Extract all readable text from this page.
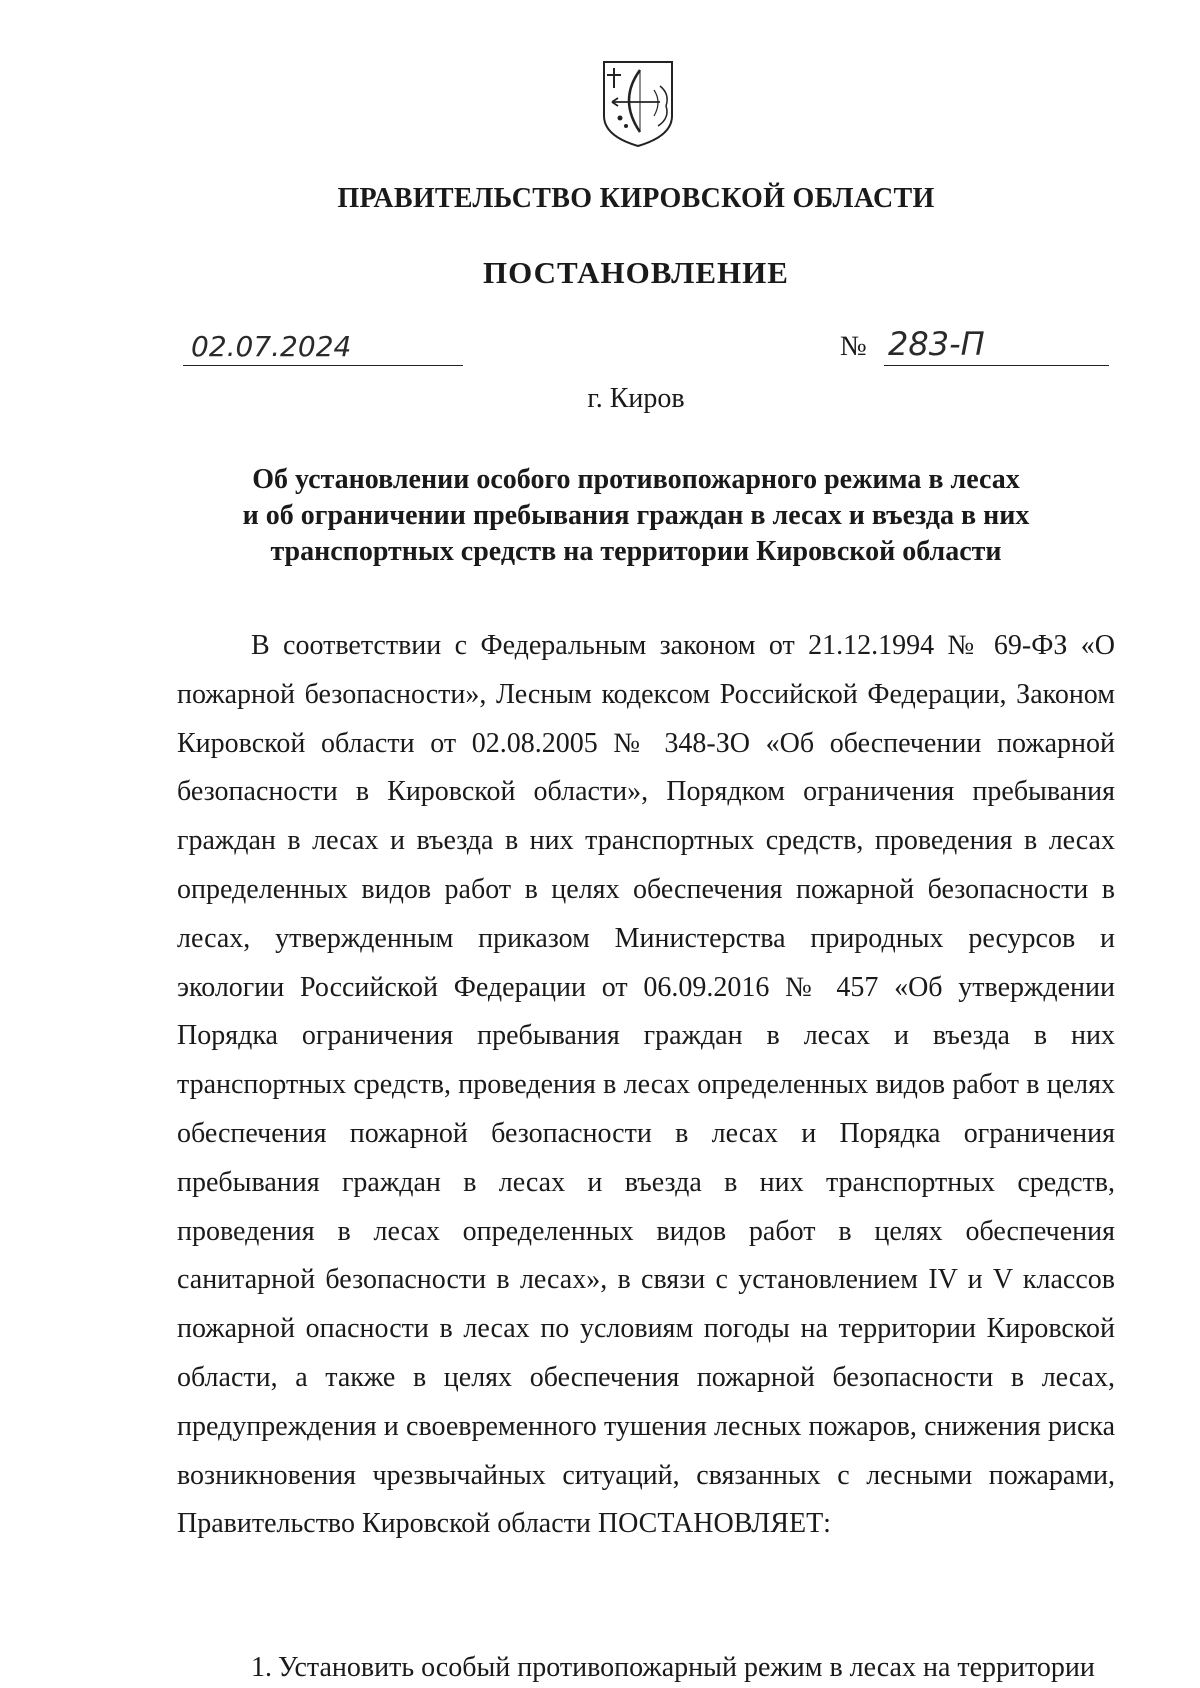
ПРАВИТЕЛЬСТВО КИРОВСКОЙ ОБЛАСТИ
ПОСТАНОВЛЕНИЕ
02.07.2024	№ 283-П
г. Киров
Об установлении особого противопожарного режима в лесах
и об ограничении пребывания граждан в лесах и въезда в них
транспортных средств на территории Кировской области
В соответствии с Федеральным законом от 21.12.1994 № 69-ФЗ «О пожарной безопасности», Лесным кодексом Российской Федерации, Законом Кировской области от 02.08.2005 № 348-ЗО «Об обеспечении пожарной безопасности в Кировской области», Порядком ограничения пребывания граждан в лесах и въезда в них транспортных средств, проведения в лесах определенных видов работ в целях обеспечения пожарной безопасности в лесах, утвержденным приказом Министерства природных ресурсов и экологии Российской Федерации от 06.09.2016 № 457 «Об утверждении Порядка ограничения пребывания граждан в лесах и въезда в них транспортных средств, проведения в лесах определенных видов работ в целях обеспечения пожарной безопасности в лесах и Порядка ограничения пребывания граждан в лесах и въезда в них транспортных средств, проведения в лесах определенных видов работ в целях обеспечения санитарной безопасности в лесах», в связи с установлением IV и V классов пожарной опасности в лесах по условиям погоды на территории Кировской области, а также в целях обеспечения пожарной безопасности в лесах, предупреждения и своевременного тушения лесных пожаров, снижения риска возникновения чрезвычайных ситуаций, связанных с лесными пожарами, Правительство Кировской области ПОСТАНОВЛЯЕТ:
1. Установить особый противопожарный режим в лесах на территории
